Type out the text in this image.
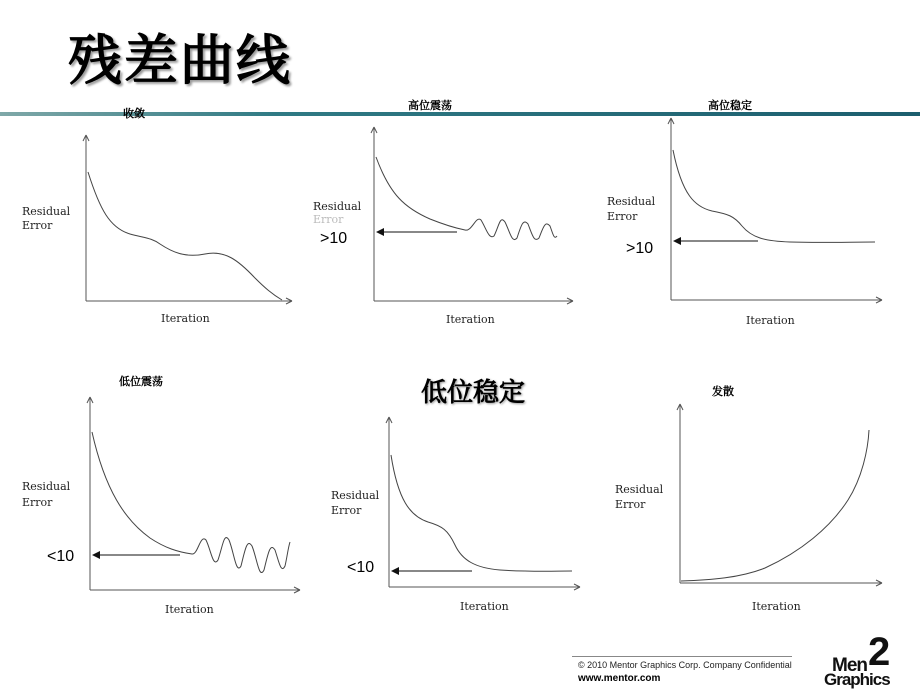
残差曲线
收敛
Residual
Error
Iteration
高位震荡
Residual
Error
Iteration
>10
高位稳定
Residual
Error
Iteration
>10
低位震荡
Residual
Error
Iteration
<10
低位稳定
Residual
Error
Iteration
<10
发散
Residual
Error
Iteration
© 2010 Mentor Graphics Corp. Company Confidential
www.mentor.com
Men
Graphics
2
